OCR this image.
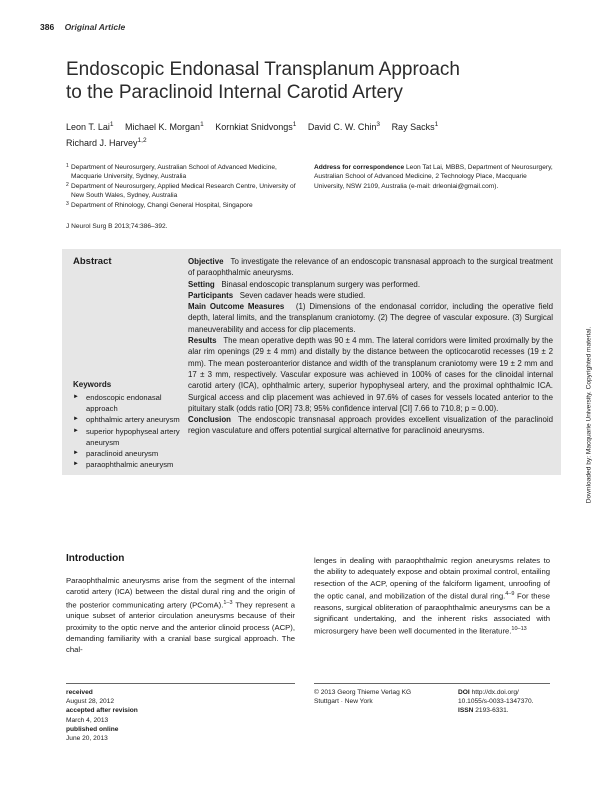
386 Original Article
Endoscopic Endonasal Transplanum Approach
to the Paraclinoid Internal Carotid Artery
Leon T. Lai$^1$ Michael K. Morgan$^1$ Kornkiat Snidvongs$^1$ David C. W. Chin$^3$ Ray Sacks$^1$
Richard J. Harvey$^{1,2}$
1 Department of Neurosurgery, Australian School of Advanced Medicine, Macquarie University, Sydney, Australia
2 Department of Neurosurgery, Applied Medical Research Centre, University of New South Wales, Sydney, Australia
3 Department of Rhinology, Changi General Hospital, Singapore
Address for correspondence Leon Tat Lai, MBBS, Department of Neurosurgery, Australian School of Advanced Medicine, 2 Technology Place, Macquarie University, NSW 2109, Australia (e-mail: drleonlai@gmail.com).
J Neurol Surg B 2013;74:386–392.
Abstract
Keywords
► endoscopic endonasal approach
► ophthalmic artery aneurysm
► superior hypophyseal artery aneurysm
► paraclinoid aneurysm
► paraophthalmic aneurysm

Objective To investigate the relevance of an endoscopic transnasal approach to the surgical treatment of paraophthalmic aneurysms.

Setting Binasal endoscopic transplanum surgery was performed.

Participants Seven cadaver heads were studied.

Main Outcome Measures (1) Dimensions of the endonasal corridor, including the operative field depth, lateral limits, and the transplanum craniotomy. (2) The degree of vascular exposure. (3) Surgical maneuverability and access for clip placements.

Results The mean operative depth was 90 ± 4 mm. The lateral corridors were limited proximally by the alar rim openings (29 ± 4 mm) and distally by the distance between the opticocarotid recesses (19 ± 2 mm). The mean posteroanterior distance and width of the transplanum craniotomy were 19 ± 2 mm and 17 ± 3 mm, respectively. Vascular exposure was achieved in 100% of cases for the clinoidal internal carotid artery (ICA), ophthalmic artery, superior hypophyseal artery, and the proximal ophthalmic ICA. Surgical access and clip placement was achieved in 97.6% of cases for vessels located anterior to the pituitary stalk (odds ratio [OR] 73.8; 95% confidence interval [CI] 7.66 to 710.8; p = 0.00).

Conclusion The endoscopic transnasal approach provides excellent visualization of the paraclinoid region vasculature and offers potential surgical alternative for paraclinoid aneurysms.	Downloaded by: Macquarie University. Copyrighted material.
Introduction

Paraophthalmic aneurysms arise from the segment of the internal carotid artery (ICA) between the distal dural ring and the origin of the posterior communicating artery (PComA).$^{1-3}$ They represent a unique subset of anterior circulation aneurysms because of their proximity to the optic nerve and the anterior clinoid process (ACP), demanding familiarity with a cranial base surgical approach. The chal-

lenges in dealing with paraophthalmic region aneurysms relates to the ability to adequately expose and obtain proximal control, entailing resection of the ACP, opening of the falciform ligament, unroofing of the optic canal, and mobilization of the distal dural ring.$^{4-9}$ For these reasons, surgical obliteration of paraophthalmic aneurysms can be a significant undertaking, and the inherent risks associated with microsurgery have been well documented in the literature.$^{10-13}$

received
August 28, 2012
accepted after revision
March 4, 2013
published online
June 20, 2013
© 2013 Georg Thieme Verlag KG
Stuttgart · New York
DOI http://dx.doi.org/
10.1055/s-0033-1347370.
ISSN 2193-6331.
